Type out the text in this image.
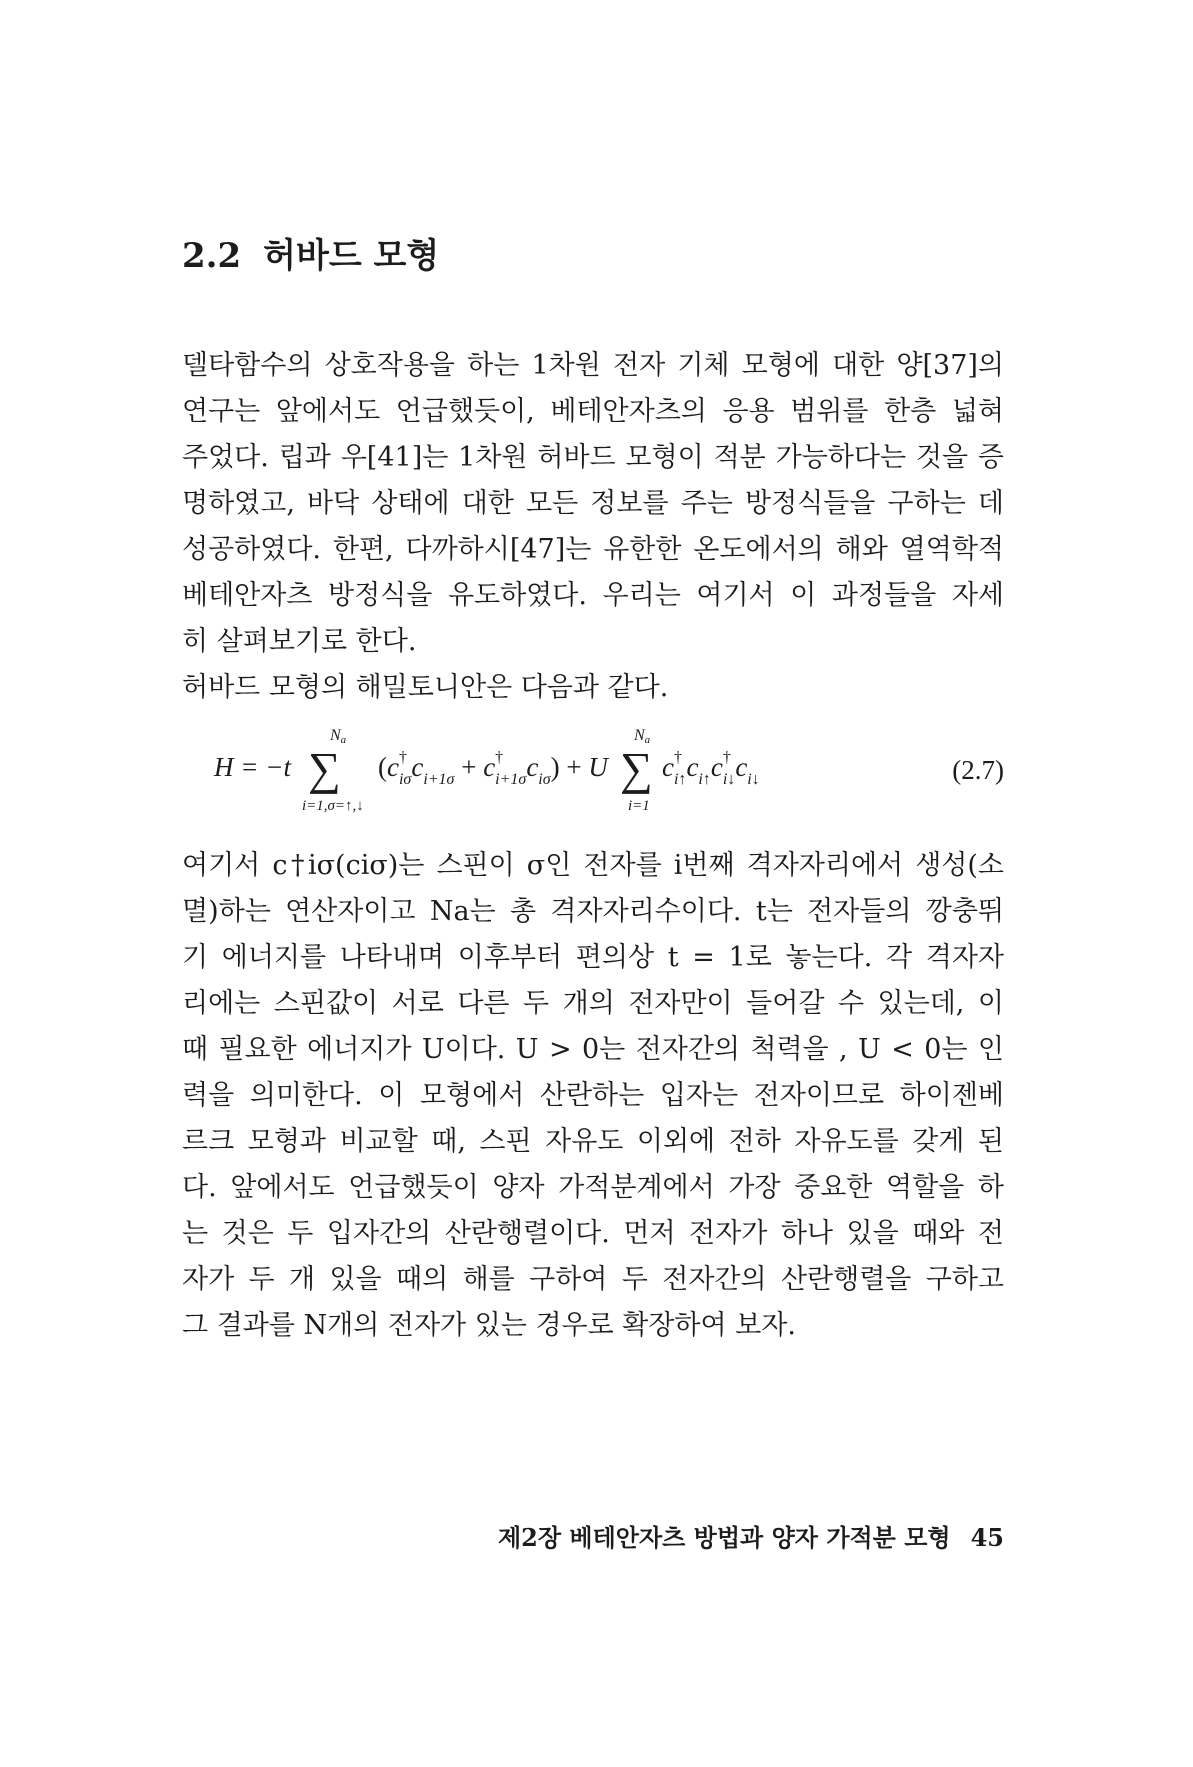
2.2 허바드 모형
델타함수의 상호작용을 하는 1차원 전자 기체 모형에 대한 양[37]의
연구는 앞에서도 언급했듯이, 베테안자츠의 응용 범위를 한층 넓혀
주었다. 립과 우[41]는 1차원 허바드 모형이 적분 가능하다는 것을 증
명하였고, 바닥 상태에 대한 모든 정보를 주는 방정식들을 구하는 데
성공하였다. 한편, 다까하시[47]는 유한한 온도에서의 해와 열역학적
베테안자츠 방정식을 유도하였다. 우리는 여기서 이 과정들을 자세
히 살펴보기로 한다.
허바드 모형의 해밀토니안은 다음과 같다.
H = −t
Na
∑
i=1,σ=↑,↓
(c† iσc$_{i+1\sigma}$ + c† $i+1\sigma c_{i\sigma}) + U$
Na
∑
i=1
c† $i↑c_{i↑}c^\dagger$ $i↓c_{i↓}$	(2.7)
여기서 c†iσ(ciσ)는 스핀이 σ인 전자를 i번째 격자자리에서 생성(소
멸)하는 연산자이고 Na는 총 격자자리수이다. t는 전자들의 깡충뛰
기 에너지를 나타내며 이후부터 편의상 t = 1로 놓는다. 각 격자자
리에는 스핀값이 서로 다른 두 개의 전자만이 들어갈 수 있는데, 이
때 필요한 에너지가 U이다. U > 0는 전자간의 척력을 , U < 0는 인
력을 의미한다. 이 모형에서 산란하는 입자는 전자이므로 하이젠베
르크 모형과 비교할 때, 스핀 자유도 이외에 전하 자유도를 갖게 된
다. 앞에서도 언급했듯이 양자 가적분계에서 가장 중요한 역할을 하
는 것은 두 입자간의 산란행렬이다. 먼저 전자가 하나 있을 때와 전
자가 두 개 있을 때의 해를 구하여 두 전자간의 산란행렬을 구하고
그 결과를 N개의 전자가 있는 경우로 확장하여 보자.
제2장 베테안자츠 방법과 양자 가적분 모형 45
